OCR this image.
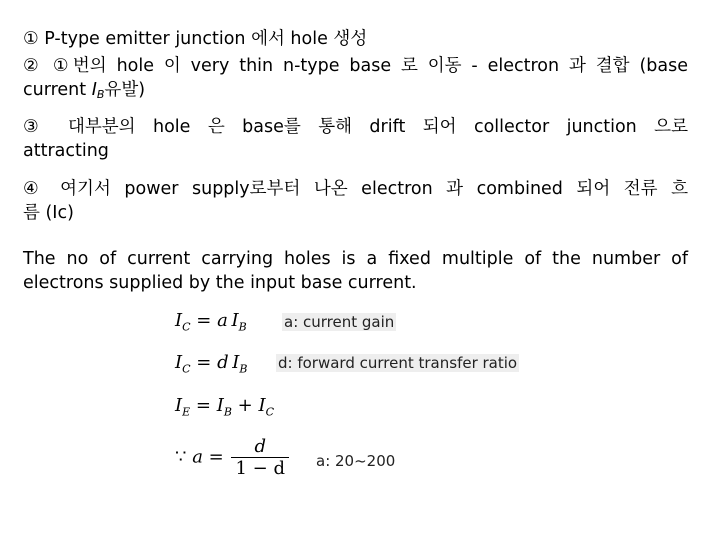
① P-type emitter junction 에서 hole 생성
② ①번의 hole 이 very thin n-type base 로 이동 - electron 과 결합 (base
current $I_B$유발)
③ 대부분의 hole 은 base를 통해 drift 되어 collector junction 으로
attracting
④ 여기서 power supply로부터 나온 electron 과 combined 되어 전류 흐
름 (Ic)
The no of current carrying holes is a fixed multiple of the number of electrons supplied by the input base current.
$I_C = a$  $I_B$ a: current gain
$I_C = d$  $I_B$ d: forward current transfer ratio
$I_E = I_B + I_C$
∵ $a = \frac{d}{1 - d} a$: 20~200
